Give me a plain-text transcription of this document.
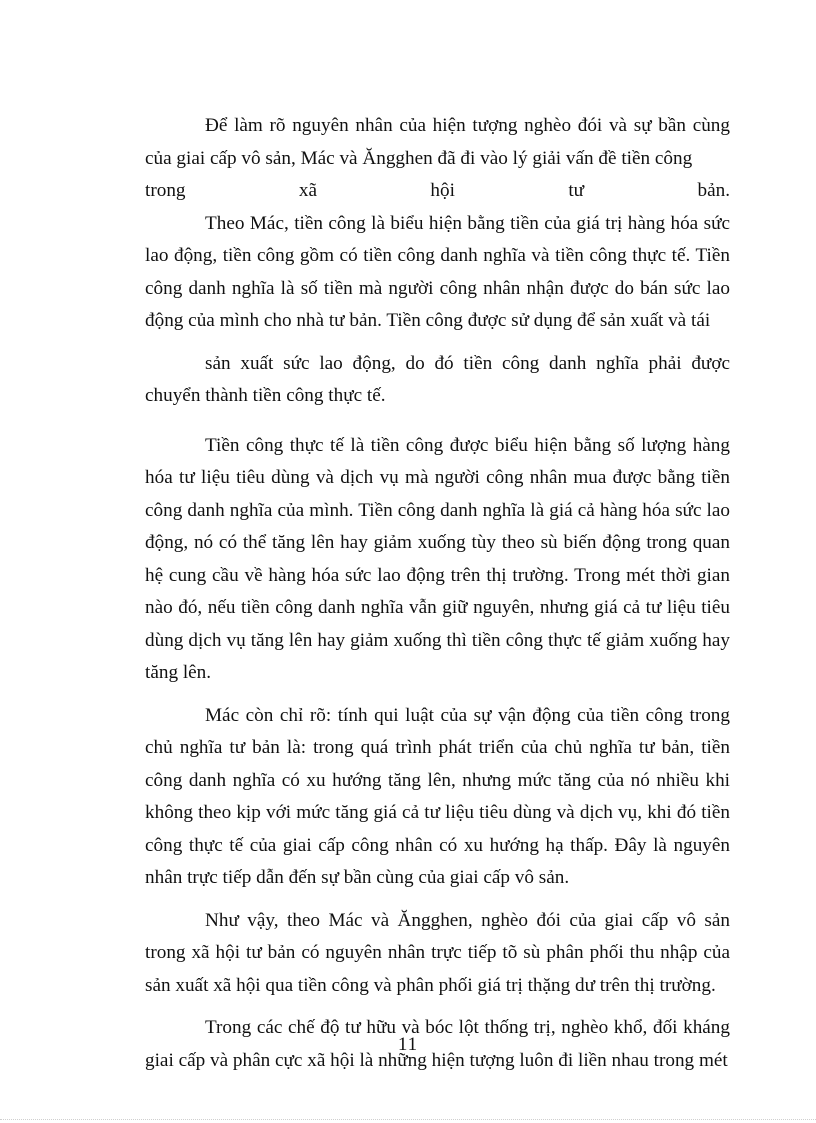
Để làm rõ nguyên nhân của hiện tượng nghèo đói và sự bần cùng của giai cấp vô sản, Mác và Ăngghen đã đi vào lý giải vấn đề tiền công
trong xã hội tư bản.

Theo Mác, tiền công là biểu hiện bằng tiền của giá trị hàng hóa sức lao động, tiền công gồm có tiền công danh nghĩa và tiền công thực tế. Tiền công danh nghĩa là số tiền mà người công nhân nhận được do bán sức lao động của mình cho nhà tư bản. Tiền công được sử dụng để sản xuất và tái

sản xuất sức lao động, do đó tiền công danh nghĩa phải được chuyển thành tiền công thực tế.

Tiền công thực tế là tiền công được biểu hiện bằng số lượng hàng hóa tư liệu tiêu dùng và dịch vụ mà người công nhân mua được bằng tiền công danh nghĩa của mình. Tiền công danh nghĩa là giá cả hàng hóa sức lao động, nó có thể tăng lên hay giảm xuống tùy theo sù biến động trong quan hệ cung cầu về hàng hóa sức lao động trên thị trường. Trong mét thời gian nào đó, nếu tiền công danh nghĩa vẫn giữ nguyên, nhưng giá cả tư liệu tiêu dùng dịch vụ tăng lên hay giảm xuống thì tiền công thực tế giảm xuống hay tăng lên.

Mác còn chỉ rõ: tính qui luật của sự vận động của tiền công trong chủ nghĩa tư bản là: trong quá trình phát triển của chủ nghĩa tư bản, tiền công danh nghĩa có xu hướng tăng lên, nhưng mức tăng của nó nhiều khi không theo kịp với mức tăng giá cả tư liệu tiêu dùng và dịch vụ, khi đó tiền công thực tế của giai cấp công nhân có xu hướng hạ thấp. Đây là nguyên nhân trực tiếp dẫn đến sự bần cùng của giai cấp vô sản.

Như vậy, theo Mác và Ăngghen, nghèo đói của giai cấp vô sản trong xã hội tư bản có nguyên nhân trực tiếp tõ sù phân phối thu nhập của sản xuất xã hội qua tiền công và phân phối giá trị thặng dư trên thị trường.

Trong các chế độ tư hữu và bóc lột thống trị, nghèo khổ, đối kháng giai cấp và phân cực xã hội là những hiện tượng luôn đi liền nhau trong mét

11
